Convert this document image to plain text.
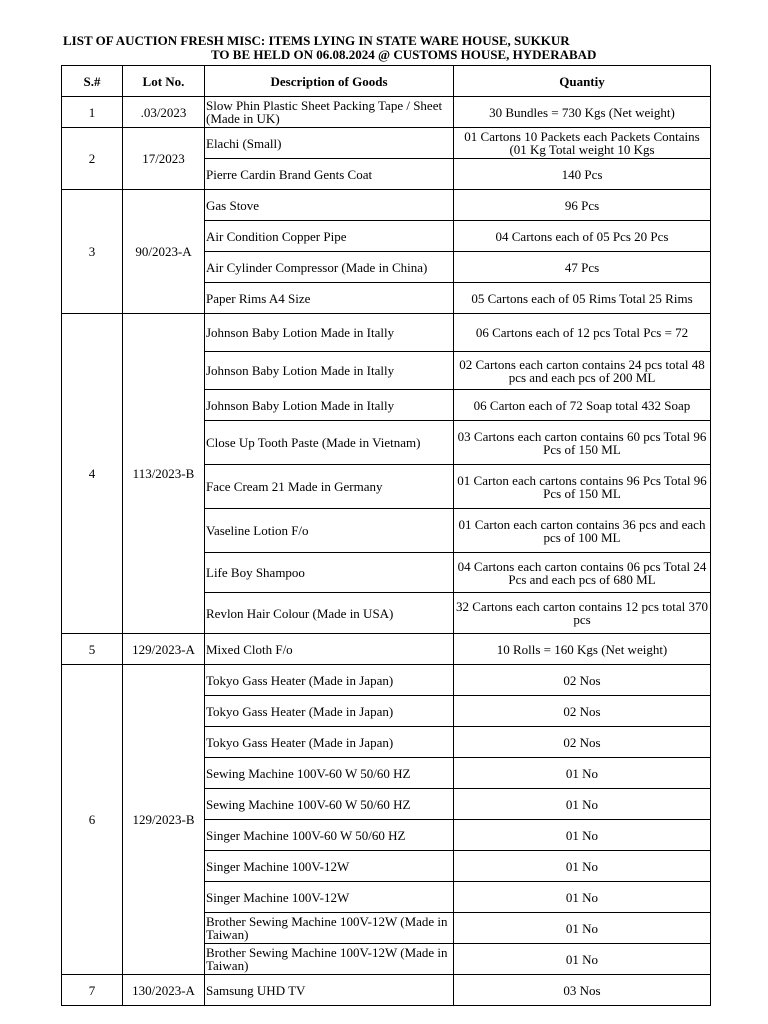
LIST OF AUCTION FRESH MISC: ITEMS LYING IN STATE WARE HOUSE, SUKKUR
TO BE HELD ON 06.08.2024 @ CUSTOMS HOUSE, HYDERABAD
S.#	Lot No.	Description of Goods	Quantiy
1	.03/2023	Slow Phin Plastic Sheet Packing Tape / Sheet (Made in UK)	30 Bundles = 730 Kgs (Net weight)
2	17/2023	Elachi (Small)	01 Cartons 10 Packets each Packets Contains (01 Kg Total weight 10 Kgs
		Pierre Cardin Brand Gents Coat	140 Pcs
3	90/2023-A	Gas Stove	96 Pcs
		Air Condition Copper Pipe	04 Cartons each of 05 Pcs 20 Pcs
		Air Cylinder Compressor (Made in China)	47 Pcs
		Paper Rims A4 Size	05 Cartons each of 05 Rims Total 25 Rims
4	113/2023-B	Johnson Baby Lotion Made in Itally	06 Cartons each of 12 pcs Total Pcs = 72
		Johnson Baby Lotion Made in Itally	02 Cartons each carton contains 24 pcs total 48 pcs and each pcs of 200 ML
		Johnson Baby Lotion Made in Itally	06 Carton each of 72 Soap total 432 Soap
		Close Up Tooth Paste (Made in Vietnam)	03 Cartons each carton contains 60 pcs Total 96 Pcs of 150 ML
		Face Cream 21 Made in Germany	01 Carton each cartons contains 96 Pcs Total 96 Pcs of 150 ML
		Vaseline Lotion F/o	01 Carton each carton contains 36 pcs and each pcs of 100 ML
		Life Boy Shampoo	04 Cartons each carton contains 06 pcs Total 24 Pcs and each pcs of 680 ML
		Revlon Hair Colour (Made in USA)	32 Cartons each carton contains 12 pcs total 370 pcs
5	129/2023-A	Mixed Cloth F/o	10 Rolls = 160 Kgs (Net weight)
6	129/2023-B	Tokyo Gass Heater (Made in Japan)	02 Nos
		Tokyo Gass Heater (Made in Japan)	02 Nos
		Tokyo Gass Heater (Made in Japan)	02 Nos
		Sewing Machine 100V-60 W 50/60 HZ	01 No
		Sewing Machine 100V-60 W 50/60 HZ	01 No
		Singer Machine 100V-60 W 50/60 HZ	01 No
		Singer Machine 100V-12W	01 No
		Singer Machine 100V-12W	01 No
		Brother Sewing Machine 100V-12W (Made in Taiwan)	01 No
		Brother Sewing Machine 100V-12W (Made in Taiwan)	01 No
7	130/2023-A	Samsung UHD TV	03 Nos
